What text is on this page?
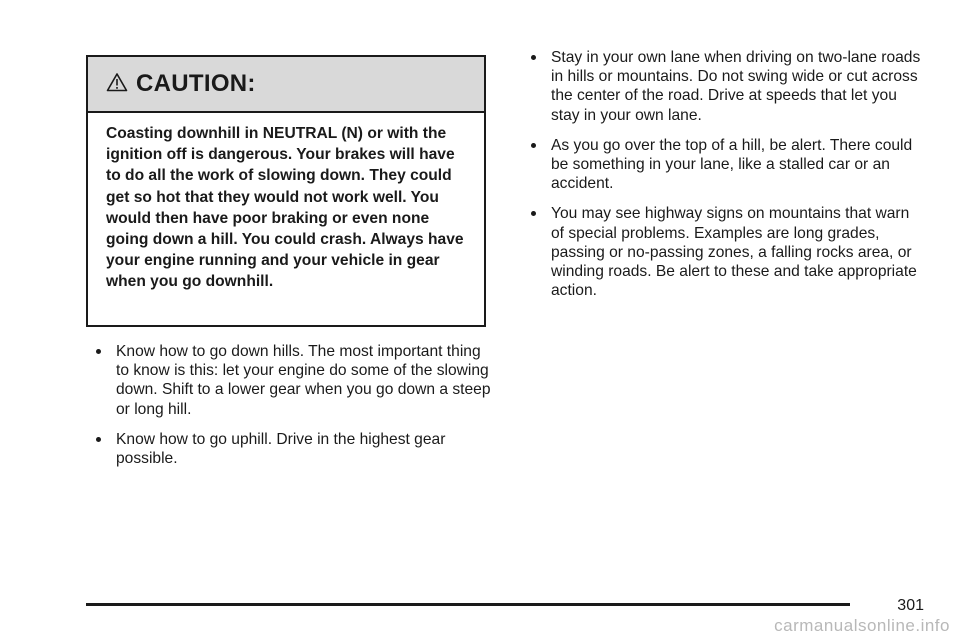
CAUTION:
Coasting downhill in NEUTRAL (N) or with the ignition off is dangerous. Your brakes will have to do all the work of slowing down. They could get so hot that they would not work well. You would then have poor braking or even none going down a hill. You could crash. Always have your engine running and your vehicle in gear when you go downhill.
Know how to go down hills. The most important thing to know is this: let your engine do some of the slowing down. Shift to a lower gear when you go down a steep or long hill.
Know how to go uphill. Drive in the highest gear possible.
Stay in your own lane when driving on two-lane roads in hills or mountains. Do not swing wide or cut across the center of the road. Drive at speeds that let you stay in your own lane.
As you go over the top of a hill, be alert. There could be something in your lane, like a stalled car or an accident.
You may see highway signs on mountains that warn of special problems. Examples are long grades, passing or no-passing zones, a falling rocks area, or winding roads. Be alert to these and take appropriate action.
301
carmanualsonline.info
